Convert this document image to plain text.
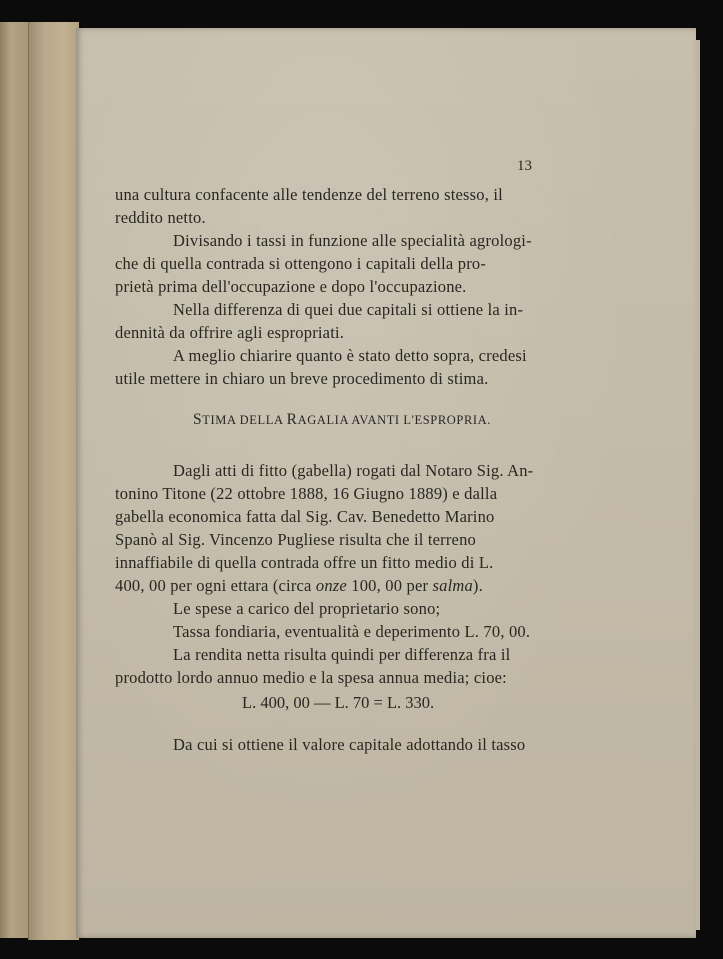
13
una cultura confacente alle tendenze del terreno stesso, il
reddito netto.
Divisando i tassi in funzione alle specialità agrologi-
che di quella contrada si ottengono i capitali della pro-
prietà prima dell'occupazione e dopo l'occupazione.
Nella differenza di quei due capitali si ottiene la in-
dennità da offrire agli espropriati.
A meglio chiarire quanto è stato detto sopra, credesi
utile mettere in chiaro un breve procedimento di stima.
STIMA DELLA RAGALIA AVANTI L'ESPROPRIA.
Dagli atti di fitto (gabella) rogati dal Notaro Sig. An-
tonino Titone (22 ottobre 1888, 16 Giugno 1889) e dalla
gabella economica fatta dal Sig. Cav. Benedetto Marino
Spanò al Sig. Vincenzo Pugliese risulta che il terreno
innaffiabile di quella contrada offre un fitto medio di L.
400, 00 per ogni ettara (circa onze 100, 00 per salma).
Le spese a carico del proprietario sono;
Tassa fondiaria, eventualità e deperimento L. 70, 00.
La rendita netta risulta quindi per differenza fra il
prodotto lordo annuo medio e la spesa annua media; cioe:
L. 400, 00 — L. 70 = L. 330.
Da cui si ottiene il valore capitale adottando il tasso
